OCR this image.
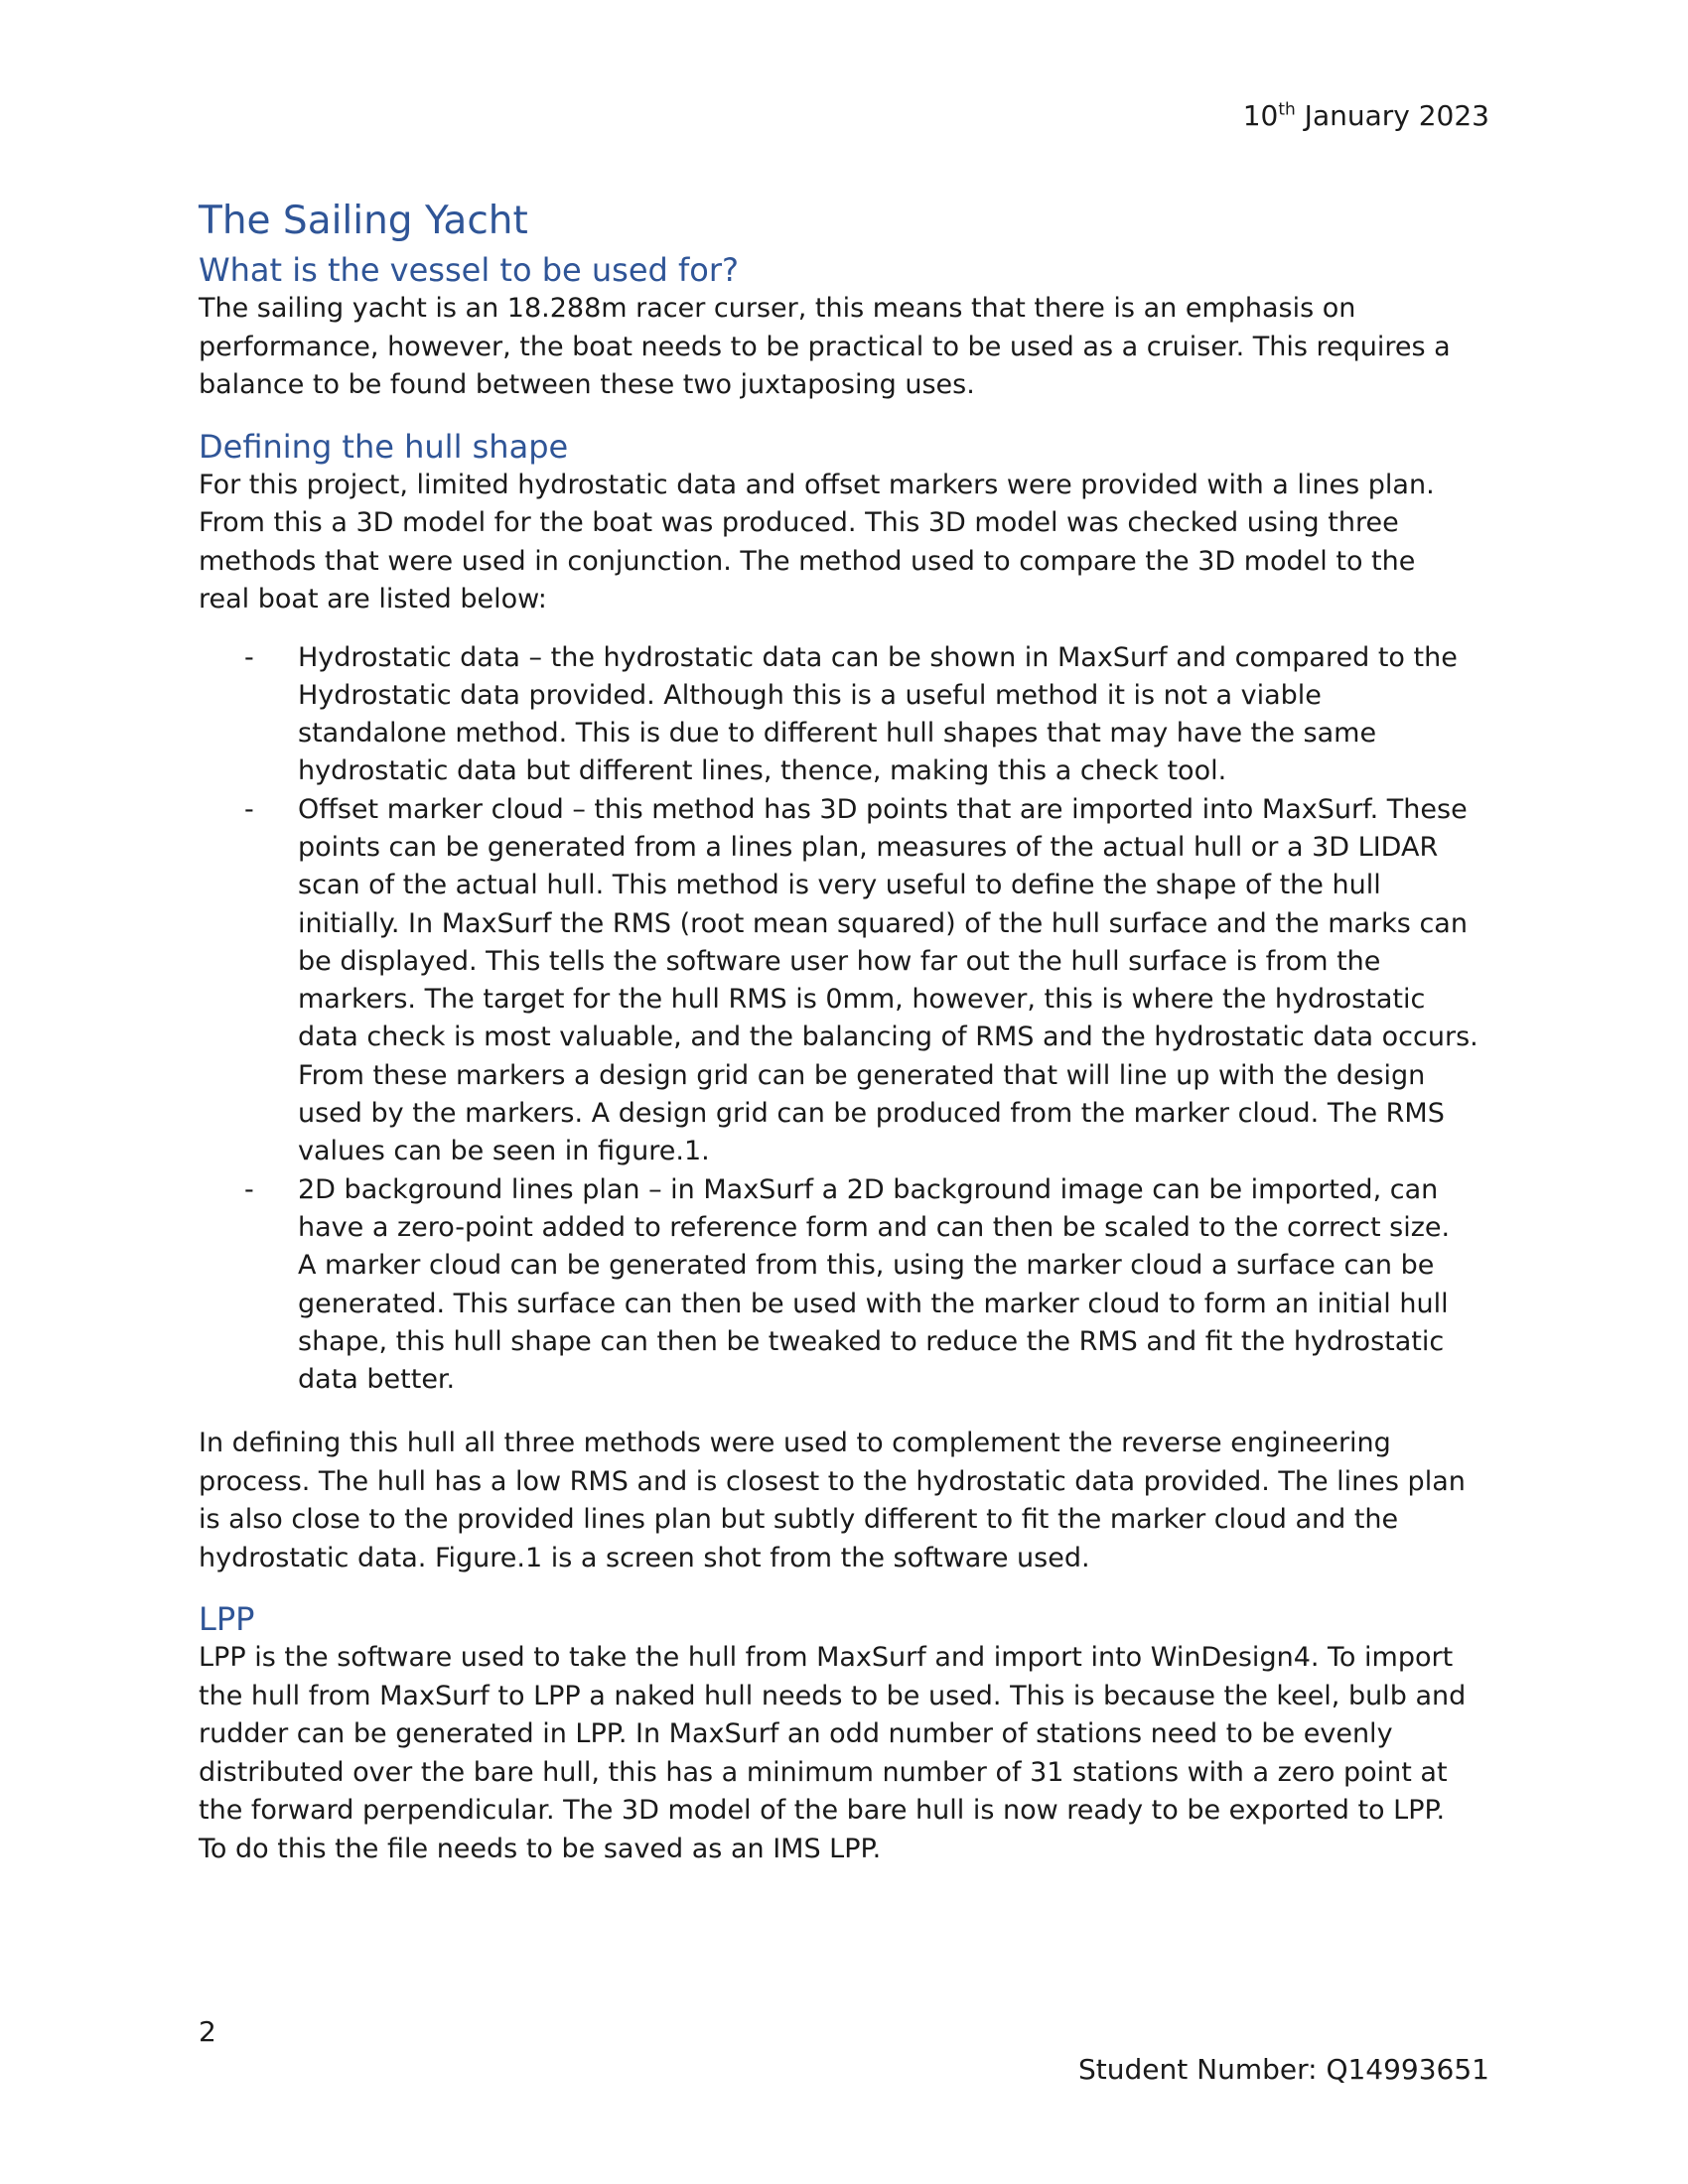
10th January 2023
The Sailing Yacht
What is the vessel to be used for?

The sailing yacht is an 18.288m racer curser, this means that there is an emphasis on
performance, however, the boat needs to be practical to be used as a cruiser. This requires a
balance to be found between these two juxtaposing uses.

Defining the hull shape

For this project, limited hydrostatic data and offset markers were provided with a lines plan.
From this a 3D model for the boat was produced. This 3D model was checked using three
methods that were used in conjunction. The method used to compare the 3D model to the
real boat are listed below:

- Hydrostatic data – the hydrostatic data can be shown in MaxSurf and compared to the
Hydrostatic data provided. Although this is a useful method it is not a viable
standalone method. This is due to different hull shapes that may have the same
hydrostatic data but different lines, thence, making this a check tool.
- Offset marker cloud – this method has 3D points that are imported into MaxSurf. These
points can be generated from a lines plan, measures of the actual hull or a 3D LIDAR
scan of the actual hull. This method is very useful to define the shape of the hull
initially. In MaxSurf the RMS (root mean squared) of the hull surface and the marks can
be displayed. This tells the software user how far out the hull surface is from the
markers. The target for the hull RMS is 0mm, however, this is where the hydrostatic
data check is most valuable, and the balancing of RMS and the hydrostatic data occurs.
From these markers a design grid can be generated that will line up with the design
used by the markers. A design grid can be produced from the marker cloud. The RMS
values can be seen in figure.1.
- 2D background lines plan – in MaxSurf a 2D background image can be imported, can
have a zero-point added to reference form and can then be scaled to the correct size.
A marker cloud can be generated from this, using the marker cloud a surface can be
generated. This surface can then be used with the marker cloud to form an initial hull
shape, this hull shape can then be tweaked to reduce the RMS and fit the hydrostatic
data better.

In defining this hull all three methods were used to complement the reverse engineering
process. The hull has a low RMS and is closest to the hydrostatic data provided. The lines plan
is also close to the provided lines plan but subtly different to fit the marker cloud and the
hydrostatic data. Figure.1 is a screen shot from the software used.

LPP

LPP is the software used to take the hull from MaxSurf and import into WinDesign4. To import
the hull from MaxSurf to LPP a naked hull needs to be used. This is because the keel, bulb and
rudder can be generated in LPP. In MaxSurf an odd number of stations need to be evenly
distributed over the bare hull, this has a minimum number of 31 stations with a zero point at
the forward perpendicular. The 3D model of the bare hull is now ready to be exported to LPP.
To do this the file needs to be saved as an IMS LPP.

2
Student Number: Q14993651
